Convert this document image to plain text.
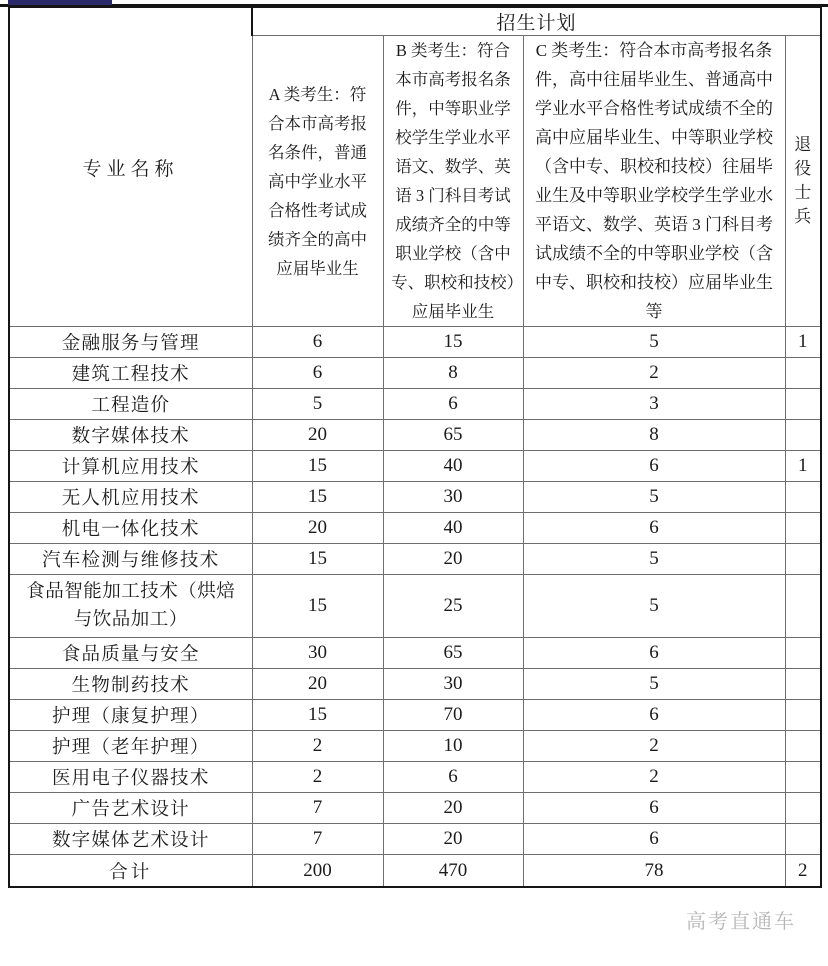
专业名称	招生计划			
	A 类考生：符合本市高考报名条件，普通高中学业水平合格性考试成绩齐全的高中应届毕业生	B 类考生：符合本市高考报名条件，中等职业学校学生学业水平语文、数学、英语 3 门科目考试成绩齐全的中等职业学校（含中专、职校和技校）应届毕业生	C 类考生：符合本市高考报名条件，高中往届毕业生、普通高中学业水平合格性考试成绩不全的高中应届毕业生、中等职业学校（含中专、职校和技校）往届毕业生及中等职业学校学生学业水平语文、数学、英语 3 门科目考试成绩不全的中等职业学校（含中专、职校和技校）应届毕业生等	退役士兵
金融服务与管理	6	15	5	1
建筑工程技术	6	8	2	
工程造价	5	6	3	
数字媒体技术	20	65	8	
计算机应用技术	15	40	6	1
无人机应用技术	15	30	5	
机电一体化技术	20	40	6	
汽车检测与维修技术	15	20	5	
食品智能加工技术（烘焙与饮品加工）	15	25	5	
食品质量与安全	30	65	6	
生物制药技术	20	30	5	
护理（康复护理）	15	70	6	
护理（老年护理）	2	10	2	
医用电子仪器技术	2	6	2	
广告艺术设计	7	20	6	
数字媒体艺术设计	7	20	6	
合计	200	470	78	2
高考直通车
